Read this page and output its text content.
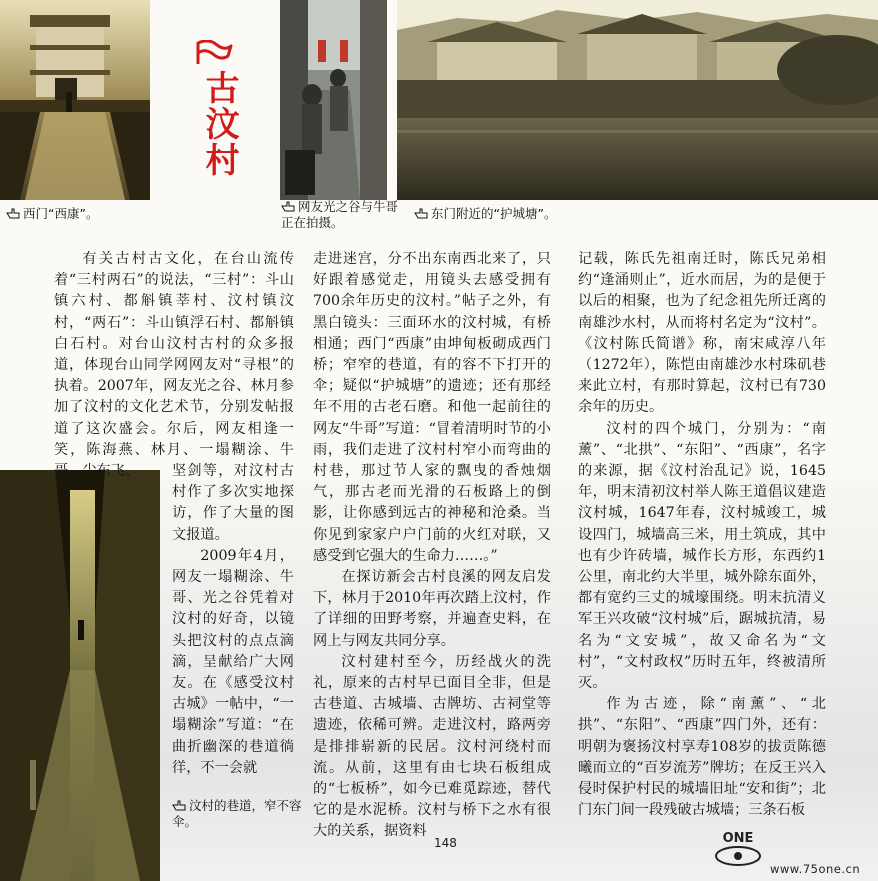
古汶村
西门“西康”。	网友光之谷与牛哥正在拍摄。
东门附近的“护城塘”。
汶村的巷道，窄不容伞。

有关古村古文化，在台山流传着“三村两石”的说法，“三村”：斗山镇六村、都斛镇莘村、汶村镇汶村，“两石”：斗山镇浮石村、都斛镇白石村。对台山汶村古村的众多报道，体现台山同学网网友对“寻根”的执着。2007年，网友光之谷、林月参加了汶村的文化艺术节，分别发帖报道了这次盛会。尔后，网友相逢一笑，陈海燕、林月、一塌糊涂、牛哥、尘东飞、	坚剑等，对汶村古村作了多次实地探访，作了大量的图文报道。

2009年4月，网友一塌糊涂、牛哥、光之谷凭着对汶村的好奇，以镜头把汶村的点点滴滴，呈献给广大网友。在《感受汶村古城》一帖中，“一塌糊涂”写道：“在曲折幽深的巷道徜徉，不一会就

走进迷宫，分不出东南西北来了，只好跟着感觉走，用镜头去感受拥有700余年历史的汶村。”帖子之外，有黑白镜头：三面环水的汶村城，有桥相通；西门“西康”由坤甸板砌成西门桥；窄窄的巷道，有的容不下打开的伞；疑似“护城塘”的遗迹；还有那经年不用的古老石磨。和他一起前往的网友“牛哥”写道：“冒着清明时节的小雨，我们走进了汶村村窄小而弯曲的村巷，那过节人家的飘曳的香烛烟气，那古老而光滑的石板路上的倒影，让你感到远古的神秘和沧桑。当你见到家家户户门前的火红对联，又感受到它强大的生命力……。”

在探访新会古村良溪的网友启发下，林月于2010年再次踏上汶村，作了详细的田野考察，并遍查史料，在网上与网友共同分享。

汶村建村至今，历经战火的洗礼，原来的古村早已面目全非，但是古巷道、古城墙、古牌坊、古祠堂等遗迹，依稀可辨。走进汶村，路两旁是排排崭新的民居。汶村河绕村而流。从前，这里有由七块石板组成的“七板桥”，如今已难觅踪迹，替代它的是水泥桥。汶村与桥下之水有很大的关系，据资料

记载，陈氏先祖南迁时，陈氏兄弟相约“逢涌则止”，近水而居，为的是便于以后的相聚，也为了纪念祖先所迁离的南雄沙水村，从而将村名定为“汶村”。《汶村陈氏简谱》称，南宋咸淳八年（1272年），陈恺由南雄沙水村珠矶巷来此立村，有那时算起，汶村已有730余年的历史。

汶村的四个城门，分别为：“南薰”、“北拱”、“东阳”、“西康”，名字的来源，据《汶村治乱记》说，1645年，明末清初汶村举人陈王道倡议建造汶村城，1647年春，汶村城竣工，城设四门，城墙高三米，用土筑成，其中也有少许砖墙，城作长方形，东西约1公里，南北约大半里，城外除东面外，都有宽约三丈的城壕围绕。明末抗清义军王兴攻破“汶村城”后，踞城抗清，易名为“文安城”，故又命名为“文村”，“文村政权”历时五年，终被清所灭。

作为古迹，除“南薰”、“北拱”、“东阳”、“西康”四门外，还有：明朝为褒扬汶村享寿108岁的拔贡陈德曦而立的“百岁流芳”牌坊；在反王兴入侵时保护村民的城墙旧址“安和街”；北门东门间一段残破古城墙；三条石板

148	ONE
www.75one.cn
